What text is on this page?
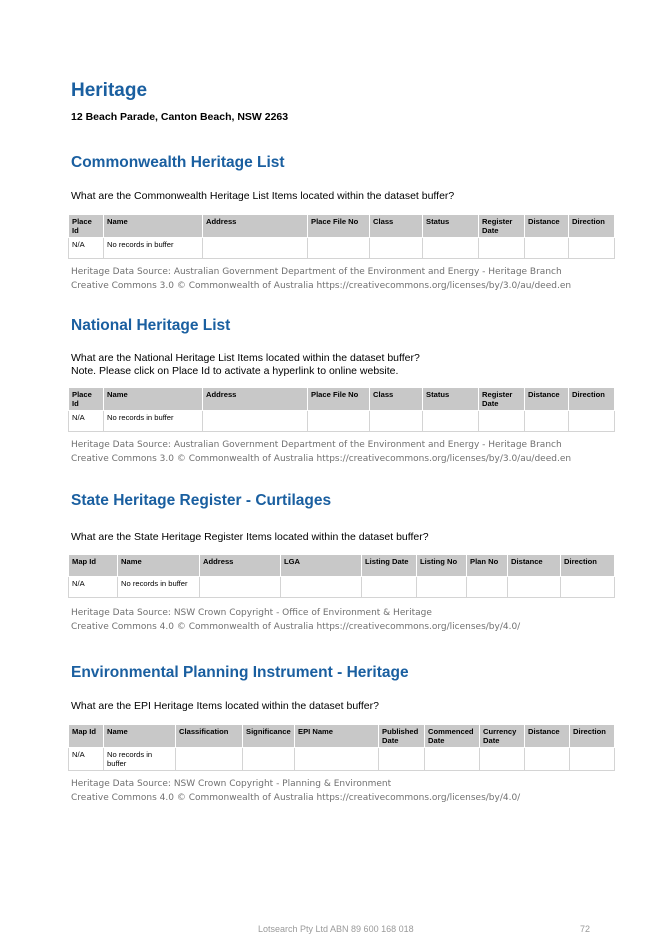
Heritage
12 Beach Parade, Canton Beach, NSW 2263
Commonwealth Heritage List
What are the Commonwealth Heritage List Items located within the dataset buffer?
Place Id	Name	Address	Place File No	Class	Status	Register Date	Distance	Direction
N/A	No records in buffer							
Heritage Data Source: Australian Government Department of the Environment and Energy - Heritage Branch
Creative Commons 3.0 © Commonwealth of Australia https://creativecommons.org/licenses/by/3.0/au/deed.en
National Heritage List
What are the National Heritage List Items located within the dataset buffer?
Note. Please click on Place Id to activate a hyperlink to online website.
Place Id	Name	Address	Place File No	Class	Status	Register Date	Distance	Direction
N/A	No records in buffer							
Heritage Data Source: Australian Government Department of the Environment and Energy - Heritage Branch
Creative Commons 3.0 © Commonwealth of Australia https://creativecommons.org/licenses/by/3.0/au/deed.en
State Heritage Register - Curtilages
What are the State Heritage Register Items located within the dataset buffer?
Map Id	Name	Address	LGA	Listing Date	Listing No	Plan No	Distance	Direction
N/A	No records in buffer							
Heritage Data Source: NSW Crown Copyright - Office of Environment & Heritage
Creative Commons 4.0 © Commonwealth of Australia https://creativecommons.org/licenses/by/4.0/
Environmental Planning Instrument - Heritage
What are the EPI Heritage Items located within the dataset buffer?
Map Id	Name	Classification	Significance	EPI Name	Published Date	Commenced Date	Currency Date	Distance	Direction
N/A	No records in buffer								
Heritage Data Source: NSW Crown Copyright - Planning & Environment
Creative Commons 4.0 © Commonwealth of Australia https://creativecommons.org/licenses/by/4.0/
Lotsearch Pty Ltd ABN 89 600 168 018	72
